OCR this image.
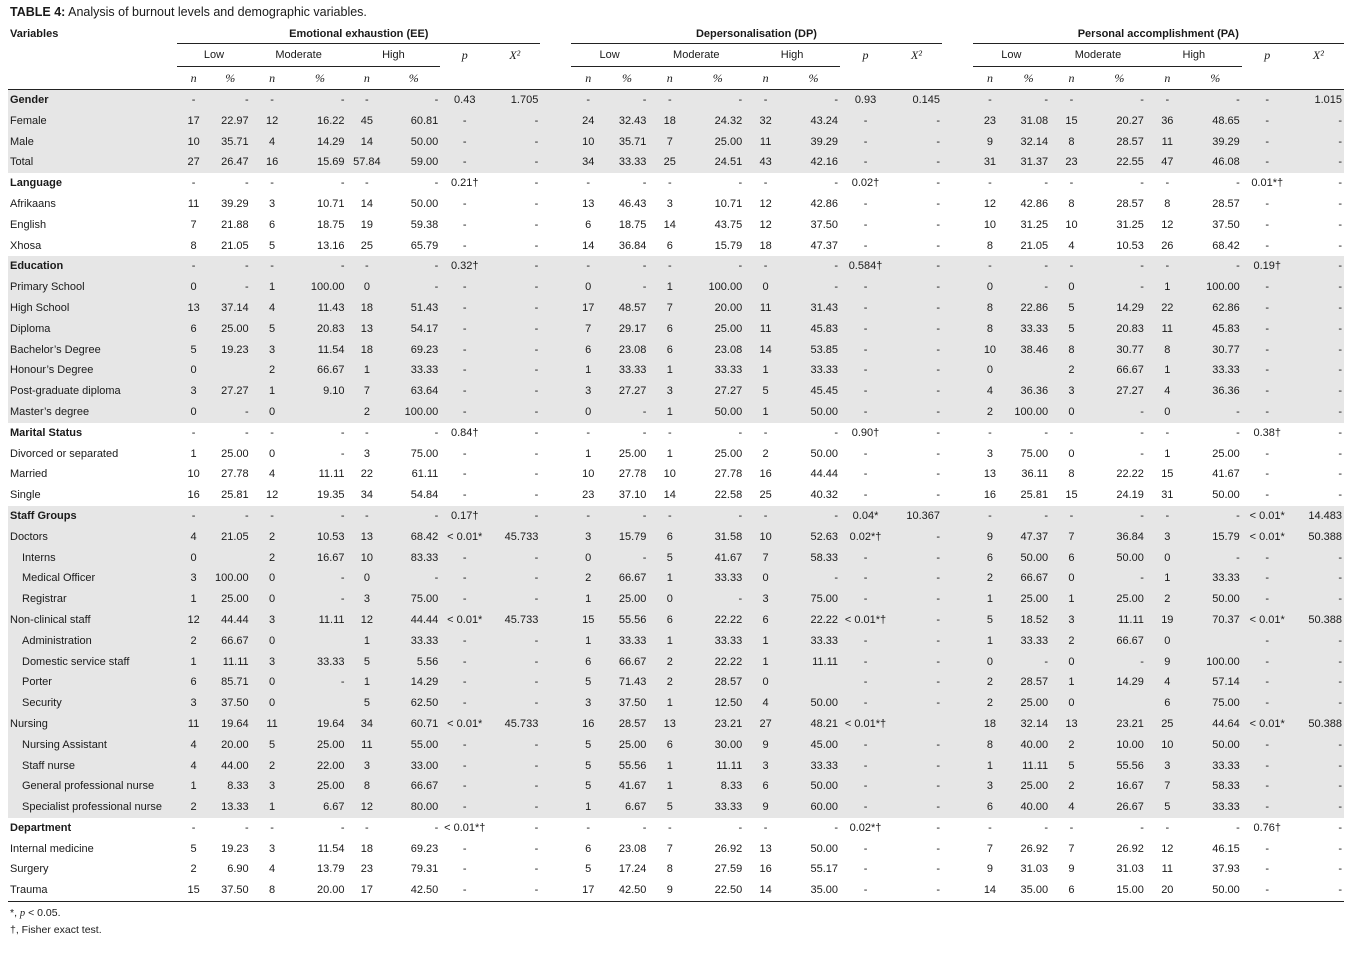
TABLE 4: Analysis of burnout levels and demographic variables.
Variables	Emotional exhaustion (EE)									Depersonalisation (DP)									Personal accomplishment (PA)							
	Low		Moderate		High		p	X²		Low		Moderate		High		p	X²		Low		Moderate		High		p	X²
	n	%	n	%	n	%				n	%	n	%	n	%				n	%	n	%	n	%		
Gender	-	-	-	-	-	-	0.43	1.705		-	-	-	-	-	-	0.93	0.145		-	-	-	-	-	-	-	1.015
Female	17	22.97	12	16.22	45	60.81	-	-		24	32.43	18	24.32	32	43.24	-	-		23	31.08	15	20.27	36	48.65	-	-
Male	10	35.71	4	14.29	14	50.00	-	-		10	35.71	7	25.00	11	39.29	-	-		9	32.14	8	28.57	11	39.29	-	-
Total	27	26.47	16	15.69	57.84	59.00	-	-		34	33.33	25	24.51	43	42.16	-	-		31	31.37	23	22.55	47	46.08	-	-
Language	-	-	-	-	-	-	0.21†	-		-	-	-	-	-	-	0.02†	-		-	-	-	-	-	-	0.01*†	-
Afrikaans	11	39.29	3	10.71	14	50.00	-	-		13	46.43	3	10.71	12	42.86	-	-		12	42.86	8	28.57	8	28.57	-	-
English	7	21.88	6	18.75	19	59.38	-	-		6	18.75	14	43.75	12	37.50	-	-		10	31.25	10	31.25	12	37.50	-	-
Xhosa	8	21.05	5	13.16	25	65.79	-	-		14	36.84	6	15.79	18	47.37	-	-		8	21.05	4	10.53	26	68.42	-	-
Education	-	-	-	-	-	-	0.32†	-		-	-	-	-	-	-	0.584†	-		-	-	-	-	-	-	0.19†	-
Primary School	0	-	1	100.00	0	-	-	-		0	-	1	100.00	0	-	-	-		0	-	0	-	1	100.00	-	-
High School	13	37.14	4	11.43	18	51.43	-	-		17	48.57	7	20.00	11	31.43	-	-		8	22.86	5	14.29	22	62.86	-	-
Diploma	6	25.00	5	20.83	13	54.17	-	-		7	29.17	6	25.00	11	45.83	-	-		8	33.33	5	20.83	11	45.83	-	-
Bachelor’s Degree	5	19.23	3	11.54	18	69.23	-	-		6	23.08	6	23.08	14	53.85	-	-		10	38.46	8	30.77	8	30.77	-	-
Honour’s Degree	0		2	66.67	1	33.33	-	-		1	33.33	1	33.33	1	33.33	-	-		0		2	66.67	1	33.33	-	-
Post-graduate diploma	3	27.27	1	9.10	7	63.64	-	-		3	27.27	3	27.27	5	45.45	-	-		4	36.36	3	27.27	4	36.36	-	-
Master’s degree	0	-	0		2	100.00	-	-		0	-	1	50.00	1	50.00	-	-		2	100.00	0	-	0	-	-	-
Marital Status	-	-	-	-	-	-	0.84†	-		-	-	-	-	-	-	0.90†	-		-	-	-	-	-	-	0.38†	-
Divorced or separated	1	25.00	0	-	3	75.00	-	-		1	25.00	1	25.00	2	50.00	-	-		3	75.00	0	-	1	25.00	-	-
Married	10	27.78	4	11.11	22	61.11	-	-		10	27.78	10	27.78	16	44.44	-	-		13	36.11	8	22.22	15	41.67	-	-
Single	16	25.81	12	19.35	34	54.84	-	-		23	37.10	14	22.58	25	40.32	-	-		16	25.81	15	24.19	31	50.00	-	-
Staff Groups	-	-	-	-	-	-	0.17†	-		-	-	-	-	-	-	0.04*	10.367		-	-	-	-	-	-	< 0.01*	14.483
Doctors	4	21.05	2	10.53	13	68.42	< 0.01*	45.733		3	15.79	6	31.58	10	52.63	0.02*†	-		9	47.37	7	36.84	3	15.79	< 0.01*	50.388
Interns	0		2	16.67	10	83.33	-	-		0	-	5	41.67	7	58.33	-	-		6	50.00	6	50.00	0	-	-	-
Medical Officer	3	100.00	0	-	0	-	-	-		2	66.67	1	33.33	0	-	-	-		2	66.67	0	-	1	33.33	-	-
Registrar	1	25.00	0	-	3	75.00	-	-		1	25.00	0	-	3	75.00	-	-		1	25.00	1	25.00	2	50.00	-	-
Non-clinical staff	12	44.44	3	11.11	12	44.44	< 0.01*	45.733		15	55.56	6	22.22	6	22.22	< 0.01*†	-		5	18.52	3	11.11	19	70.37	< 0.01*	50.388
Administration	2	66.67	0		1	33.33	-	-		1	33.33	1	33.33	1	33.33	-	-		1	33.33	2	66.67	0		-	-
Domestic service staff	1	11.11	3	33.33	5	5.56	-	-		6	66.67	2	22.22	1	11.11	-	-		0	-	0	-	9	100.00	-	-
Porter	6	85.71	0	-	1	14.29	-	-		5	71.43	2	28.57	0		-	-		2	28.57	1	14.29	4	57.14	-	-
Security	3	37.50	0		5	62.50	-	-		3	37.50	1	12.50	4	50.00	-	-		2	25.00	0		6	75.00	-	-
Nursing	11	19.64	11	19.64	34	60.71	< 0.01*	45.733		16	28.57	13	23.21	27	48.21	< 0.01*†			18	32.14	13	23.21	25	44.64	< 0.01*	50.388
Nursing Assistant	4	20.00	5	25.00	11	55.00	-	-		5	25.00	6	30.00	9	45.00	-	-		8	40.00	2	10.00	10	50.00	-	-
Staff nurse	4	44.00	2	22.00	3	33.00	-	-		5	55.56	1	11.11	3	33.33	-	-		1	11.11	5	55.56	3	33.33	-	-
General professional nurse	1	8.33	3	25.00	8	66.67	-	-		5	41.67	1	8.33	6	50.00	-	-		3	25.00	2	16.67	7	58.33	-	-
Specialist professional nurse	2	13.33	1	6.67	12	80.00	-	-		1	6.67	5	33.33	9	60.00	-	-		6	40.00	4	26.67	5	33.33	-	-
Department	-	-	-	-	-	-	< 0.01*†	-		-	-	-	-	-	-	0.02*†	-		-	-	-	-	-	-	0.76†	-
Internal medicine	5	19.23	3	11.54	18	69.23	-	-		6	23.08	7	26.92	13	50.00	-	-		7	26.92	7	26.92	12	46.15	-	-
Surgery	2	6.90	4	13.79	23	79.31	-	-		5	17.24	8	27.59	16	55.17	-	-		9	31.03	9	31.03	11	37.93	-	-
Trauma	15	37.50	8	20.00	17	42.50	-	-		17	42.50	9	22.50	14	35.00	-	-		14	35.00	6	15.00	20	50.00	-	-
*, p < 0.05.
†, Fisher exact test.
